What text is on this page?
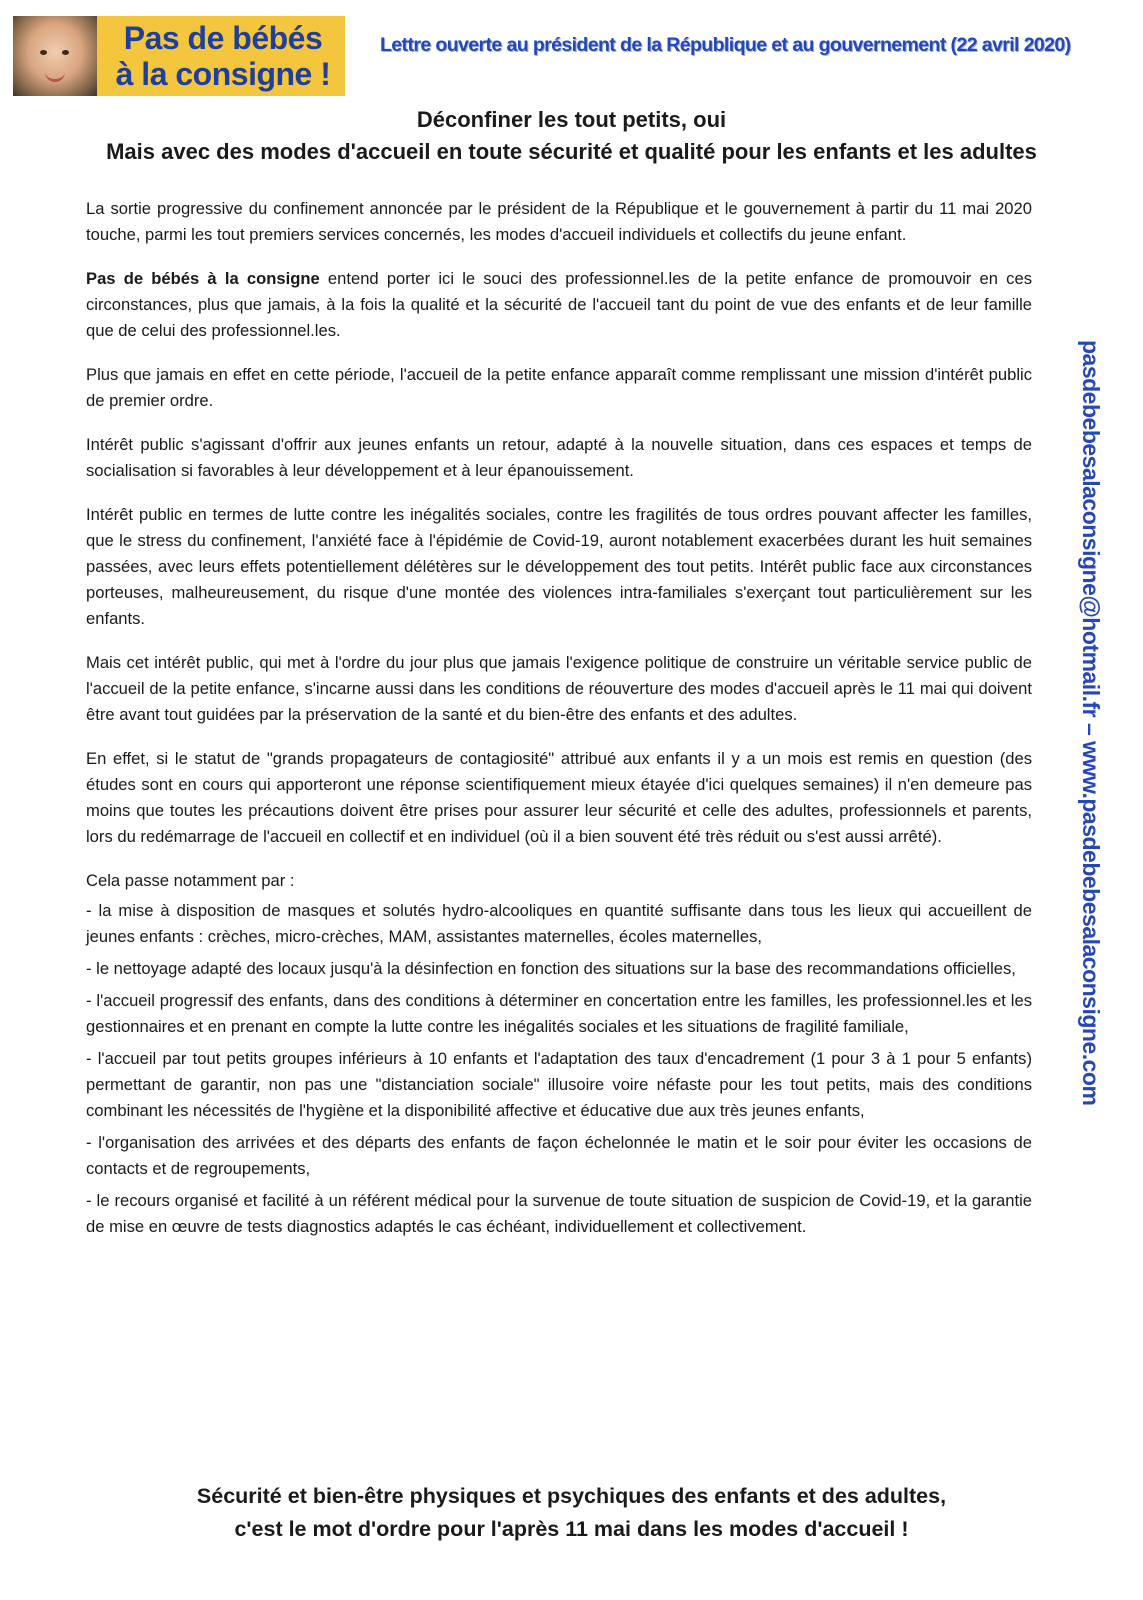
Pas de bébés
à la consigne !
Lettre ouverte au président de la République et au gouvernement (22 avril 2020)
Déconfiner les tout petits, oui
Mais avec des modes d'accueil en toute sécurité et qualité pour les enfants et les adultes

La sortie progressive du confinement annoncée par le président de la République et le gouvernement à partir du 11 mai 2020 touche, parmi les tout premiers services concernés, les modes d'accueil individuels et collectifs du jeune enfant.

Pas de bébés à la consigne entend porter ici le souci des professionnel.les de la petite enfance de promouvoir en ces circonstances, plus que jamais, à la fois la qualité et la sécurité de l'accueil tant du point de vue des enfants et de leur famille que de celui des professionnel.les.

Plus que jamais en effet en cette période, l'accueil de la petite enfance apparaît comme remplissant une mission d'intérêt public de premier ordre.

Intérêt public s'agissant d'offrir aux jeunes enfants un retour, adapté à la nouvelle situation, dans ces espaces et temps de socialisation si favorables à leur développement et à leur épanouissement.

Intérêt public en termes de lutte contre les inégalités sociales, contre les fragilités de tous ordres pouvant affecter les familles, que le stress du confinement, l'anxiété face à l'épidémie de Covid-19, auront notablement exacerbées durant les huit semaines passées, avec leurs effets potentiellement délétères sur le développement des tout petits. Intérêt public face aux circonstances porteuses, malheureusement, du risque d'une montée des violences intra-familiales s'exerçant tout particulièrement sur les enfants.

Mais cet intérêt public, qui met à l'ordre du jour plus que jamais l'exigence politique de construire un véritable service public de l'accueil de la petite enfance, s'incarne aussi dans les conditions de réouverture des modes d'accueil après le 11 mai qui doivent être avant tout guidées par la préservation de la santé et du bien-être des enfants et des adultes.

En effet, si le statut de "grands propagateurs de contagiosité" attribué aux enfants il y a un mois est remis en question (des études sont en cours qui apporteront une réponse scientifiquement mieux étayée d'ici quelques semaines) il n'en demeure pas moins que toutes les précautions doivent être prises pour assurer leur sécurité et celle des adultes, professionnels et parents, lors du redémarrage de l'accueil en collectif et en individuel (où il a bien souvent été très réduit ou s'est aussi arrêté).

Cela passe notamment par :

- la mise à disposition de masques et solutés hydro-alcooliques en quantité suffisante dans tous les lieux qui accueillent de jeunes enfants : crèches, micro-crèches, MAM, assistantes maternelles, écoles maternelles,

- le nettoyage adapté des locaux jusqu'à la désinfection en fonction des situations sur la base des recommandations officielles,

- l'accueil progressif des enfants, dans des conditions à déterminer en concertation entre les familles, les professionnel.les et les gestionnaires et en prenant en compte la lutte contre les inégalités sociales et les situations de fragilité familiale,

- l'accueil par tout petits groupes inférieurs à 10 enfants et l'adaptation des taux d'encadrement (1 pour 3 à 1 pour 5 enfants) permettant de garantir, non pas une "distanciation sociale" illusoire voire néfaste pour les tout petits, mais des conditions combinant les nécessités de l'hygiène et la disponibilité affective et éducative due aux très jeunes enfants,

- l'organisation des arrivées et des départs des enfants de façon échelonnée le matin et le soir pour éviter les occasions de contacts et de regroupements,

- le recours organisé et facilité à un référent médical pour la survenue de toute situation de suspicion de Covid-19, et la garantie de mise en œuvre de tests diagnostics adaptés le cas échéant, individuellement et collectivement.

pasdebebesalaconsigne@hotmail.fr – www.pasdebebesalaconsigne.com
Sécurité et bien-être physiques et psychiques des enfants et des adultes,
c'est le mot d'ordre pour l'après 11 mai dans les modes d'accueil !
